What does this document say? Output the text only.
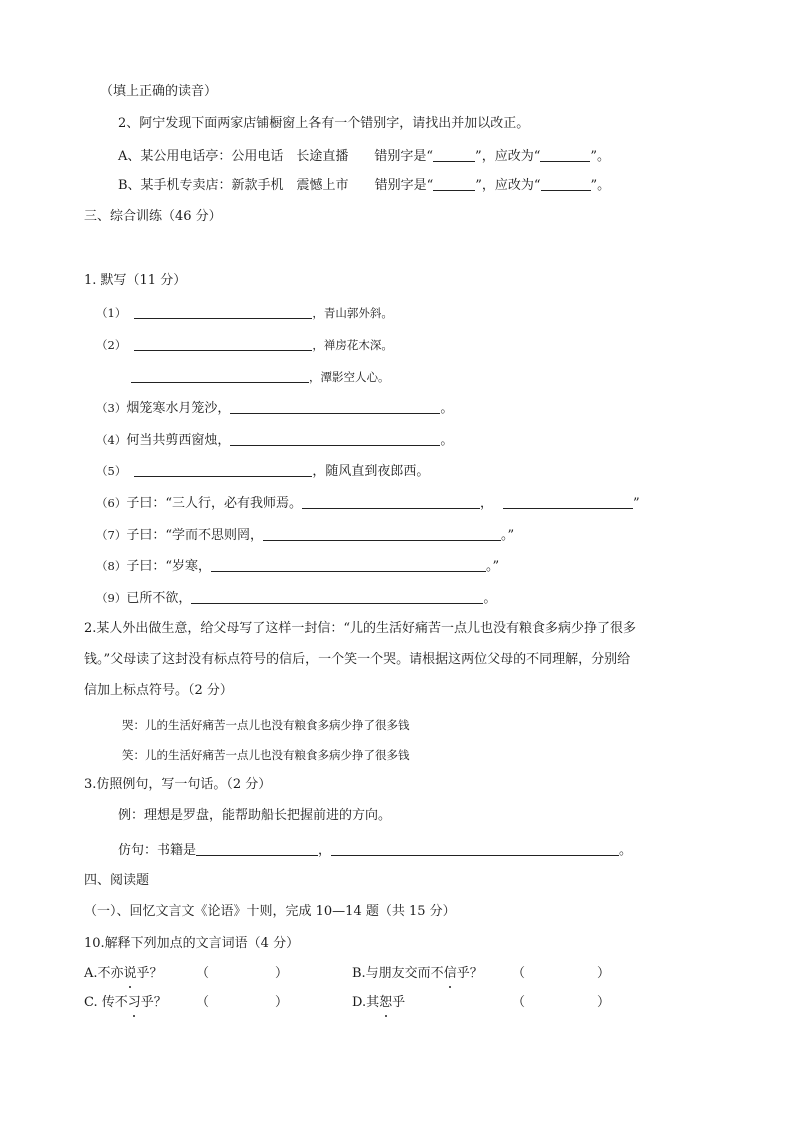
（填上正确的读音）
2、阿宁发现下面两家店铺橱窗上各有一个错别字，请找出并加以改正。
A、某公用电话亭：公用电话　长途直播 错别字是“	”，应改为“	”。
B、某手机专卖店：新款手机　震憾上市 错别字是“	”，应改为“	”。
三、综合训练（46 分）
1. 默写（11 分）
（1）	，青山郭外斜。
（2）	，禅房花木深。
，潭影空人心。
（3）烟笼寒水月笼沙，	。
（4）何当共剪西窗烛，	。
（5）	，随风直到夜郎西。
（6）子曰：“三人行，必有我师焉。	，	”
（7）子曰：“学而不思则罔，	。”
（8）子曰：“岁寒，	。”
（9）已所不欲，	。
2.某人外出做生意，给父母写了这样一封信：“儿的生活好痛苦一点儿也没有粮食多病少挣了很多
钱。”父母读了这封没有标点符号的信后，一个笑一个哭。请根据这两位父母的不同理解，分别给
信加上标点符号。（2 分）
哭：儿的生活好痛苦一点儿也没有粮食多病少挣了很多钱
笑：儿的生活好痛苦一点儿也没有粮食多病少挣了很多钱
3.仿照例句，写一句话。（2 分）
例：理想是罗盘，能帮助船长把握前进的方向。
仿句：书籍是	，	。
四、阅读题
（一）、回忆文言文《论语》十则，完成 10—14 题（共 15 分）
10.解释下列加点的文言词语（4 分）
A.不亦说乎？	（	）	B.与朋友交而不信乎？ （	）
C. 传不习乎？ （	）	D.其恕乎	（	）
